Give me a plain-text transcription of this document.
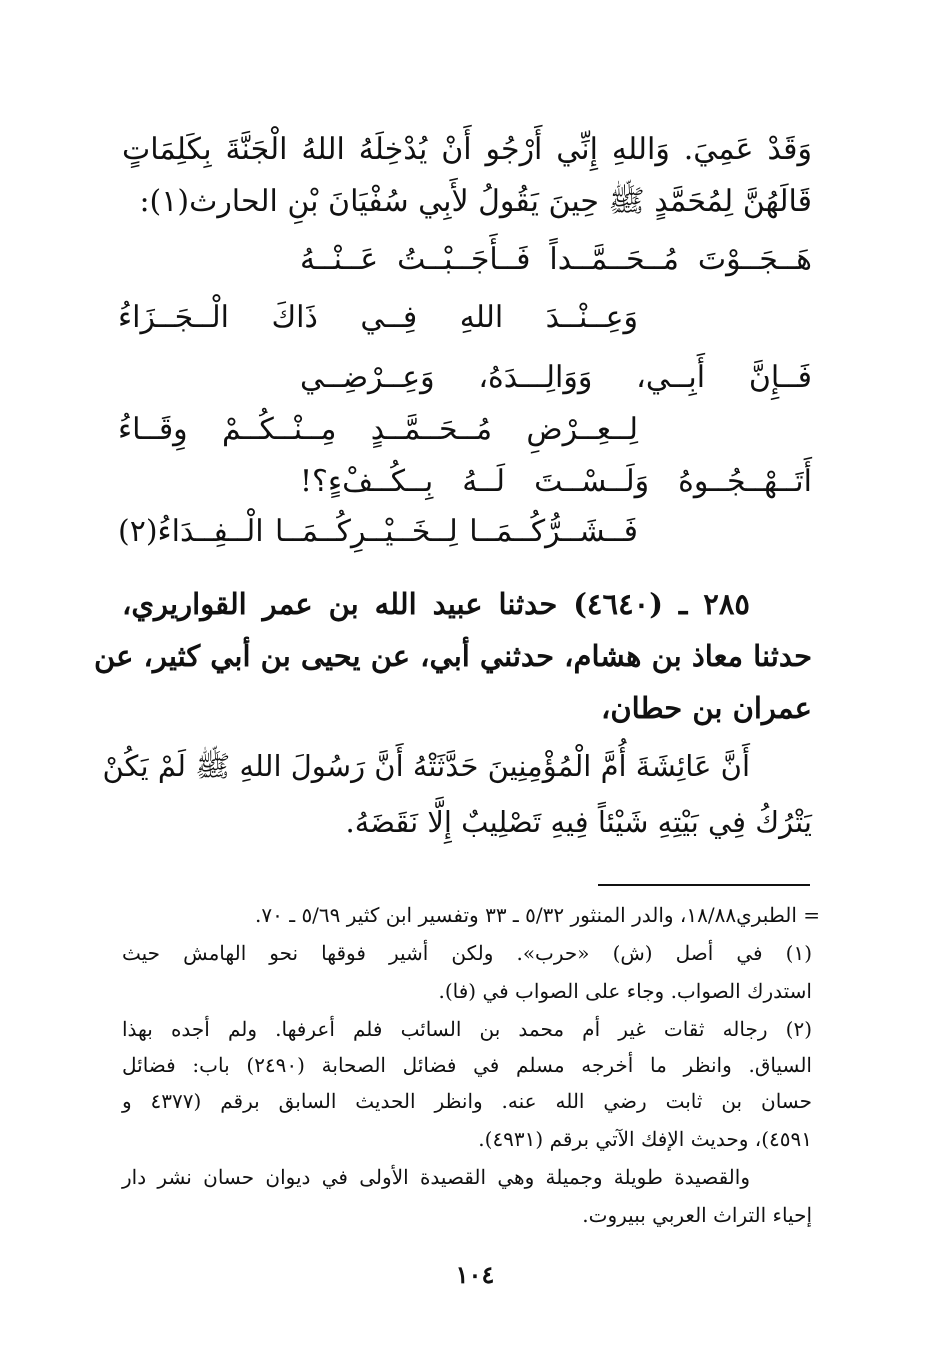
وَقَدْ عَمِيَ. وَاللهِ إِنِّي أَرْجُو أَنْ يُدْخِلَهُ اللهُ الْجَنَّةَ بِكَلِمَاتٍ
قَالَهُنَّ لِمُحَمَّدٍ ﷺ حِينَ يَقُولُ لأَبِي سُفْيَانَ بْنِ الحارث(١):
هَــجَــوْتَ مُــحَــمَّــداً فَــأَجَــبْــتُ عَــنْــهُ
وَعِــنْــدَ اللهِ فِــي ذَاكَ الْــجَــزَاءُ
فَــإِنَّ أَبِــي، وَوَالِـــدَهُ، وَعِــرْضِــي
لِــعِــرْضِ مُــحَــمَّــدٍ مِــنْــكُــمْ وِقَــاءُ
أَتَــهْــجُــوهُ وَلَــسْــتَ لَــهُ بِــكُــفْءٍ؟!
فَــشَــرُّكُــمَــا لِــخَــيْــرِكُــمَــا الْــفِــدَاءُ(٢)
٢٨٥ ـ (٤٦٤٠) حدثنا عبيد الله بن عمر القواريري،
حدثنا معاذ بن هشام، حدثني أبي، عن يحيى بن أبي كثير، عن
عمران بن حطان،
أَنَّ عَائِشَةَ أُمَّ الْمُؤْمِنِينَ حَدَّثَتْهُ أَنَّ رَسُولَ اللهِ ﷺ لَمْ يَكُنْ
يَتْرُكُ فِي بَيْتِهِ شَيْئاً فِيهِ تَصْلِيبٌ إِلَّا نَقَضَهُ.
= الطبري١٨/٨٨، والدر المنثور ٥/٣٢ ـ ٣٣ وتفسير ابن كثير ٥/٦٩ ـ ٧٠.
(١) في أصل (ش) «حرب». ولكن أشير فوقها نحو الهامش حيث
استدرك الصواب. وجاء على الصواب في (فا).
(٢) رجاله ثقات غير أم محمد بن السائب فلم أعرفها. ولم أجده بهذا
السياق. وانظر ما أخرجه مسلم في فضائل الصحابة (٢٤٩٠) باب: فضائل
حسان بن ثابت رضي الله عنه. وانظر الحديث السابق برقم (٤٣٧٧ و
٤٥٩١)، وحديث الإفك الآتي برقم (٤٩٣١).
والقصيدة طويلة وجميلة وهي القصيدة الأولى في ديوان حسان نشر دار
إحياء التراث العربي ببيروت.
١٠٤
